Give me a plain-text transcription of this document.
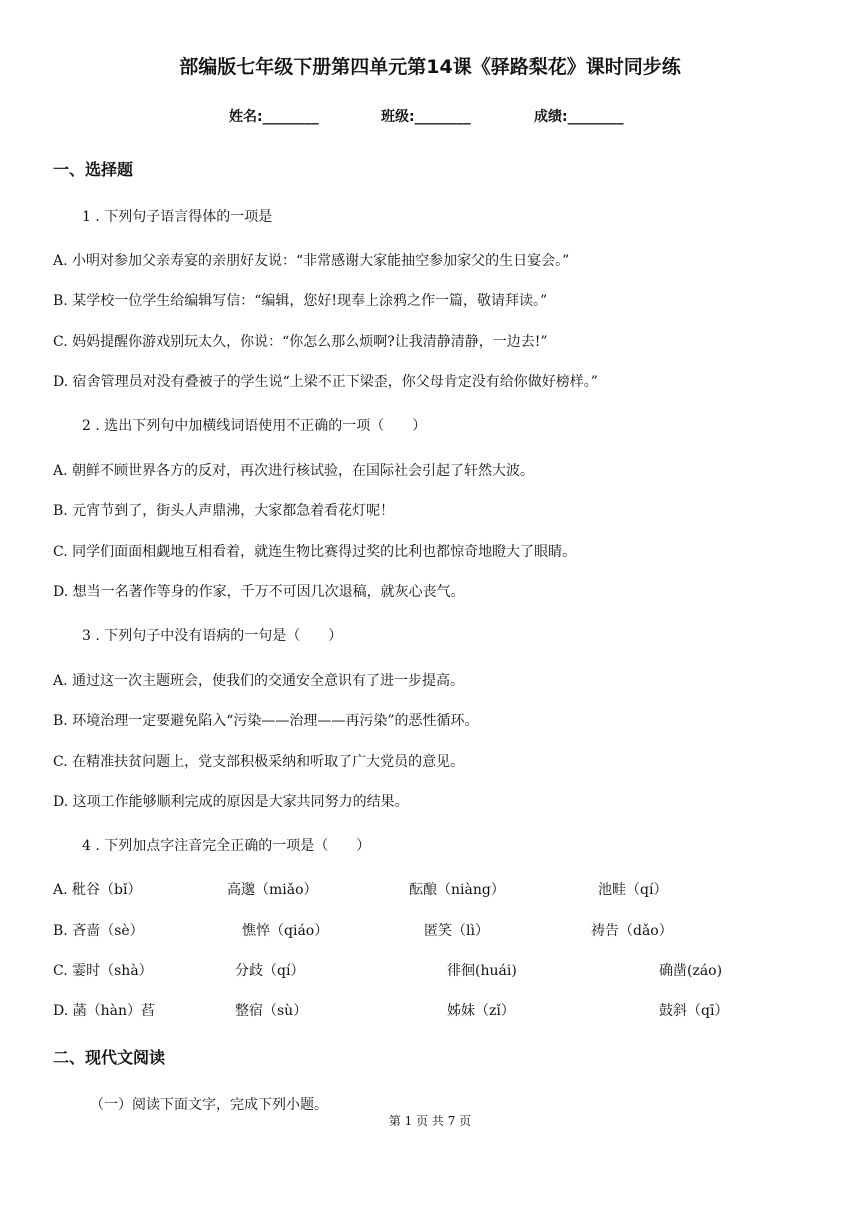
部编版七年级下册第四单元第14课《驿路梨花》课时同步练
姓名:________	班级:________	成绩:________
一、选择题
1 . 下列句子语言得体的一项是
A. 小明对参加父亲寿宴的亲朋好友说：“非常感谢大家能抽空参加家父的生日宴会。”
B. 某学校一位学生给编辑写信：“编辑，您好!现奉上涂鸦之作一篇，敬请拜读。”
C. 妈妈提醒你游戏别玩太久，你说：“你怎么那么烦啊?让我清静清静，一边去!”
D. 宿舍管理员对没有叠被子的学生说“上梁不正下梁歪，你父母肯定没有给你做好榜样。”
2 . 选出下列句中加横线词语使用不正确的一项（　　）
A. 朝鲜不顾世界各方的反对，再次进行核试验，在国际社会引起了轩然大波。
B. 元宵节到了，街头人声鼎沸，大家都急着看花灯呢！
C. 同学们面面相觑地互相看着，就连生物比赛得过奖的比利也都惊奇地瞪大了眼睛。
D. 想当一名著作等身的作家，千万不可因几次退稿，就灰心丧气。
3 . 下列句子中没有语病的一句是（　　）
A. 通过这一次主题班会，使我们的交通安全意识有了进一步提高。
B. 环境治理一定要避免陷入“污染——治理——再污染”的恶性循环。
C. 在精准扶贫问题上，党支部积极采纳和听取了广大党员的意见。
D. 这项工作能够顺利完成的原因是大家共同努力的结果。
4 . 下列加点字注音完全正确的一项是（　　）
A. 秕谷（bǐ）	高邈（miǎo）	酝酿（niàng）	池畦（qí）
B. 吝啬（sè）	憔悴（qiáo）	匿笑（lì）	祷告（dǎo）
C. 霎时（shà）	分歧（qí）	徘徊(huái)	确凿(záo)
D. 菡（hàn）萏	整宿（sù）	姊妹（zǐ）	鼓斜（qī）
二、现代文阅读
（一）阅读下面文字，完成下列小题。
第 1 页 共 7 页
